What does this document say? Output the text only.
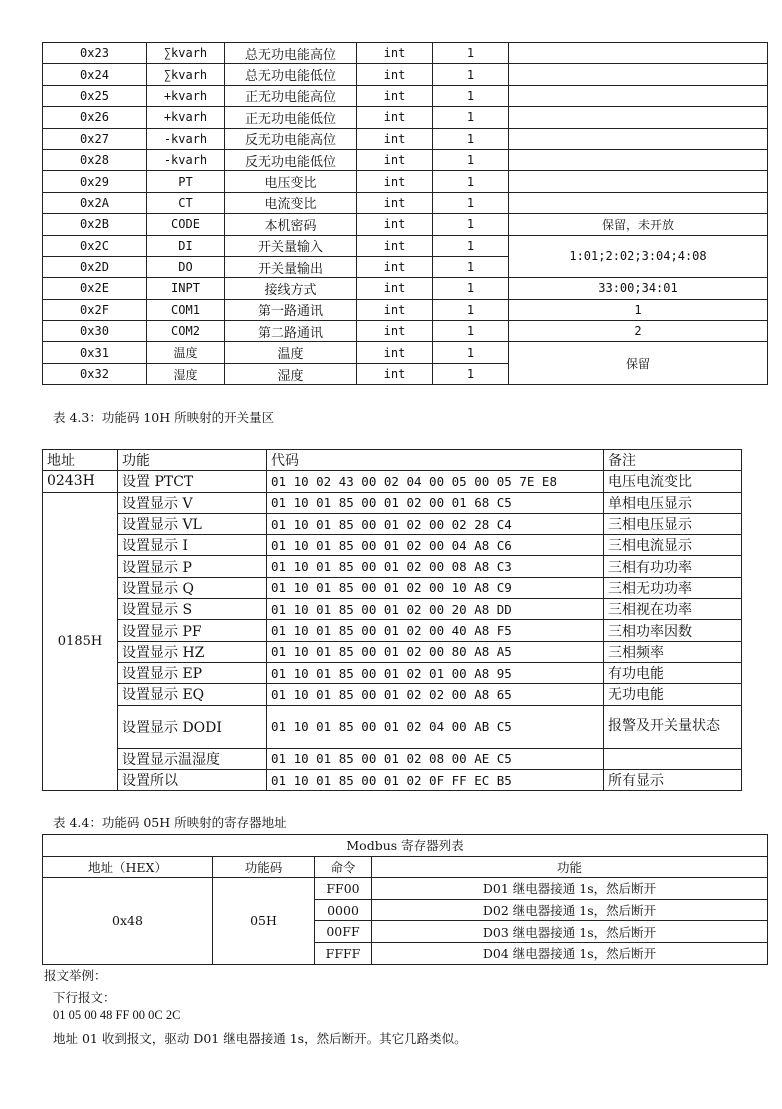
0x23	∑kvarh	总无功电能高位	int	1	
0x24	∑kvarh	总无功电能低位	int	1	
0x25	+kvarh	正无功电能高位	int	1	
0x26	+kvarh	正无功电能低位	int	1	
0x27	-kvarh	反无功电能高位	int	1	
0x28	-kvarh	反无功电能低位	int	1	
0x29	PT	电压变比	int	1	
0x2A	CT	电流变比	int	1	
0x2B	CODE	本机密码	int	1	保留，未开放
0x2C	DI	开关量输入	int	1	1:01;2:02;3:04;4:08
0x2D	DO	开关量输出	int	1	
0x2E	INPT	接线方式	int	1	33:00;34:01
0x2F	COM1	第一路通讯	int	1	1
0x30	COM2	第二路通讯	int	1	2
0x31	温度	温度	int	1	保留
0x32	湿度	湿度	int	1	
表 4.3：功能码 10H 所映射的开关量区
地址	功能	代码	备注
0243H	设置 PTCT	01 10 02 43 00 02 04 00 05 00 05 7E E8	电压电流变比
0185H	设置显示 V	01 10 01 85 00 01 02 00 01 68 C5	单相电压显示
	设置显示 VL	01 10 01 85 00 01 02 00 02 28 C4	三相电压显示
	设置显示 I	01 10 01 85 00 01 02 00 04 A8 C6	三相电流显示
	设置显示 P	01 10 01 85 00 01 02 00 08 A8 C3	三相有功功率
	设置显示 Q	01 10 01 85 00 01 02 00 10 A8 C9	三相无功功率
	设置显示 S	01 10 01 85 00 01 02 00 20 A8 DD	三相视在功率
	设置显示 PF	01 10 01 85 00 01 02 00 40 A8 F5	三相功率因数
	设置显示 HZ	01 10 01 85 00 01 02 00 80 A8 A5	三相频率
	设置显示 EP	01 10 01 85 00 01 02 01 00 A8 95	有功电能
	设置显示 EQ	01 10 01 85 00 01 02 02 00 A8 65	无功电能
	设置显示 DODI	01 10 01 85 00 01 02 04 00 AB C5	报警及开关量状态
	设置显示温湿度	01 10 01 85 00 01 02 08 00 AE C5	
	设置所以	01 10 01 85 00 01 02 0F FF EC B5	所有显示
表 4.4：功能码 05H 所映射的寄存器地址
Modbus 寄存器列表			
地址（HEX）	功能码	命令	功能
0x48	05H	FF00	D01 继电器接通 1s，然后断开
		0000	D02 继电器接通 1s，然后断开
		00FF	D03 继电器接通 1s，然后断开
		FFFF	D04 继电器接通 1s，然后断开
报文举例：
下行报文：
01 05 00 48 FF 00 0C 2C
地址 01 收到报文，驱动 D01 继电器接通 1s，然后断开。其它几路类似。
